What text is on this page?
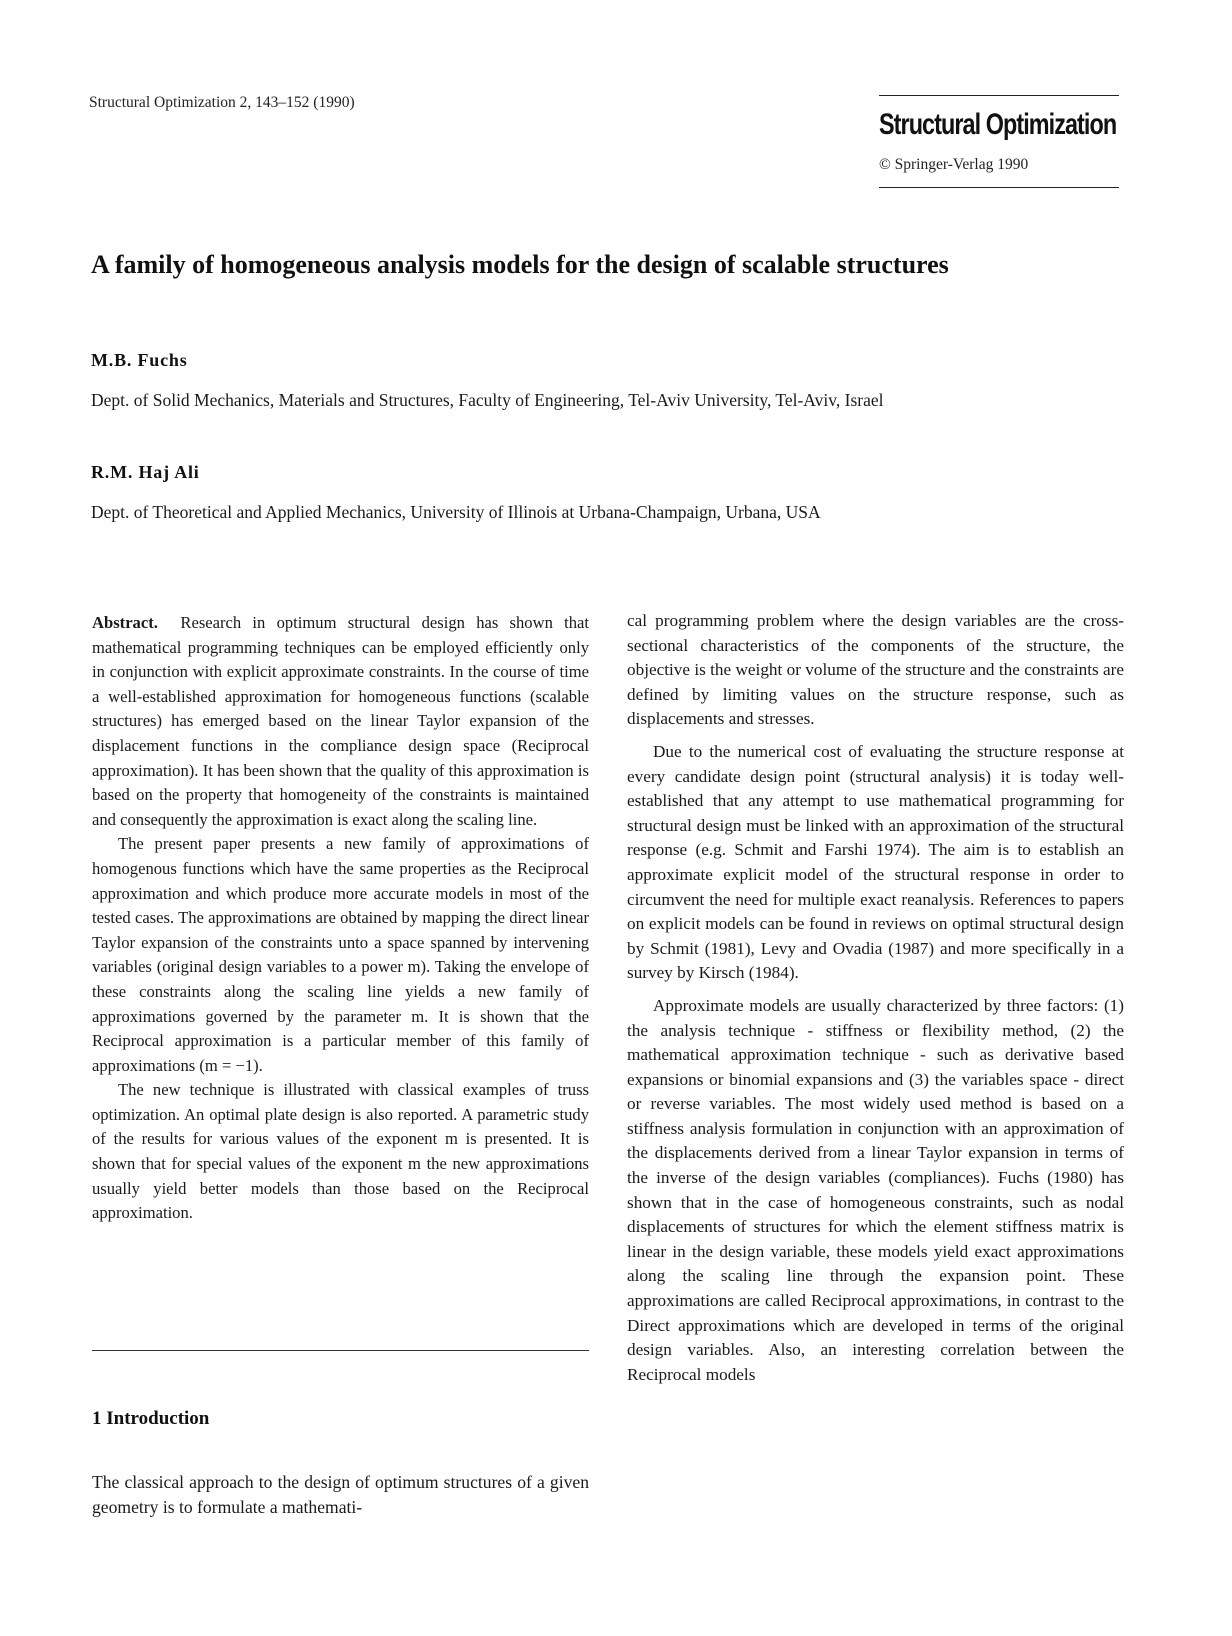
Structural Optimization 2, 143–152 (1990)
Structural Optimization
© Springer-Verlag 1990
A family of homogeneous analysis models for the design of scalable structures
M.B. Fuchs
Dept. of Solid Mechanics, Materials and Structures, Faculty of Engineering, Tel-Aviv University, Tel-Aviv, Israel
R.M. Haj Ali
Dept. of Theoretical and Applied Mechanics, University of Illinois at Urbana-Champaign, Urbana, USA

Abstract. Research in optimum structural design has shown that mathematical programming techniques can be employed efficiently only in conjunction with explicit approximate constraints. In the course of time a well-established approximation for homogeneous functions (scalable structures) has emerged based on the linear Taylor expansion of the displacement functions in the compliance design space (Reciprocal approximation). It has been shown that the quality of this approximation is based on the property that homogeneity of the constraints is maintained and consequently the approximation is exact along the scaling line.

The present paper presents a new family of approximations of homogenous functions which have the same properties as the Reciprocal approximation and which produce more accurate models in most of the tested cases. The approximations are obtained by mapping the direct linear Taylor expansion of the constraints unto a space spanned by intervening variables (original design variables to a power m). Taking the envelope of these constraints along the scaling line yields a new family of approximations governed by the parameter m. It is shown that the Reciprocal approximation is a particular member of this family of approximations (m = −1).

The new technique is illustrated with classical examples of truss optimization. An optimal plate design is also reported. A parametric study of the results for various values of the exponent m is presented. It is shown that for special values of the exponent m the new approximations usually yield better models than those based on the Reciprocal approximation.

1 Introduction

The classical approach to the design of optimum structures of a given geometry is to formulate a mathemati-

cal programming problem where the design variables are the cross-sectional characteristics of the components of the structure, the objective is the weight or volume of the structure and the constraints are defined by limiting values on the structure response, such as displacements and stresses.

Due to the numerical cost of evaluating the structure response at every candidate design point (structural analysis) it is today well-established that any attempt to use mathematical programming for structural design must be linked with an approximation of the structural response (e.g. Schmit and Farshi 1974). The aim is to establish an approximate explicit model of the structural response in order to circumvent the need for multiple exact reanalysis. References to papers on explicit models can be found in reviews on optimal structural design by Schmit (1981), Levy and Ovadia (1987) and more specifically in a survey by Kirsch (1984).

Approximate models are usually characterized by three factors: (1) the analysis technique - stiffness or flexibility method, (2) the mathematical approximation technique - such as derivative based expansions or binomial expansions and (3) the variables space - direct or reverse variables. The most widely used method is based on a stiffness analysis formulation in conjunction with an approximation of the displacements derived from a linear Taylor expansion in terms of the inverse of the design variables (compliances). Fuchs (1980) has shown that in the case of homogeneous constraints, such as nodal displacements of structures for which the element stiffness matrix is linear in the design variable, these models yield exact approximations along the scaling line through the expansion point. These approximations are called Reciprocal approximations, in contrast to the Direct approximations which are developed in terms of the original design variables. Also, an interesting correlation between the Reciprocal models
